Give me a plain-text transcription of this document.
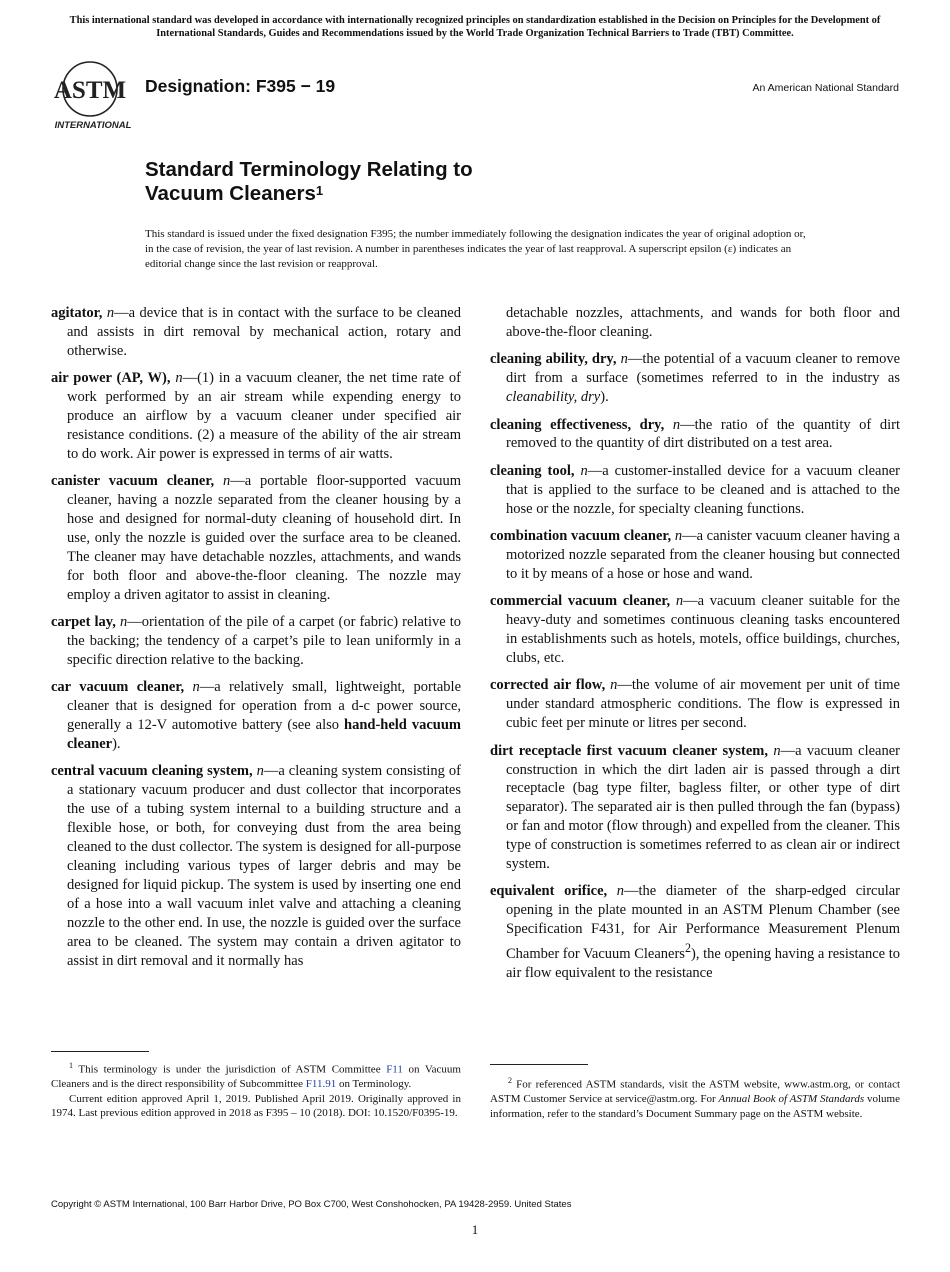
This international standard was developed in accordance with internationally recognized principles on standardization established in the Decision on Principles for the Development of International Standards, Guides and Recommendations issued by the World Trade Organization Technical Barriers to Trade (TBT) Committee.
ASTM
INTERNATIONAL
Designation: F395 − 19	An American National Standard
Standard Terminology Relating to
Vacuum Cleaners$^1$
This standard is issued under the fixed designation F395; the number immediately following the designation indicates the year of original adoption or, in the case of revision, the year of last revision. A number in parentheses indicates the year of last reapproval. A superscript epsilon (ε) indicates an editorial change since the last revision or reapproval.

agitator, n—a device that is in contact with the surface to be cleaned and assists in dirt removal by mechanical action, rotary and otherwise.

air power (AP, W), n—(1) in a vacuum cleaner, the net time rate of work performed by an air stream while expending energy to produce an airflow by a vacuum cleaner under specified air resistance conditions. (2) a measure of the ability of the air stream to do work. Air power is expressed in terms of air watts.

canister vacuum cleaner, n—a portable floor-supported vacuum cleaner, having a nozzle separated from the cleaner housing by a hose and designed for normal-duty cleaning of household dirt. In use, only the nozzle is guided over the surface area to be cleaned. The cleaner may have detachable nozzles, attachments, and wands for both floor and above-the-floor cleaning. The nozzle may employ a driven agitator to assist in cleaning.

carpet lay, n—orientation of the pile of a carpet (or fabric) relative to the backing; the tendency of a carpet’s pile to lean uniformly in a specific direction relative to the backing.

car vacuum cleaner, n—a relatively small, lightweight, portable cleaner that is designed for operation from a d-c power source, generally a 12-V automotive battery (see also hand-held vacuum cleaner).

central vacuum cleaning system, n—a cleaning system consisting of a stationary vacuum producer and dust collector that incorporates the use of a tubing system internal to a building structure and a flexible hose, or both, for conveying dust from the area being cleaned to the dust collector. The system is designed for all-purpose cleaning including various types of larger debris and may be designed for liquid pickup. The system is used by inserting one end of a hose into a wall vacuum inlet valve and attaching a cleaning nozzle to the other end. In use, the nozzle is guided over the surface area to be cleaned. The system may contain a driven agitator to assist in dirt removal and it normally has

detachable nozzles, attachments, and wands for both floor and above-the-floor cleaning.

cleaning ability, dry, n—the potential of a vacuum cleaner to remove dirt from a surface (sometimes referred to in the industry as cleanability, dry).

cleaning effectiveness, dry, n—the ratio of the quantity of dirt removed to the quantity of dirt distributed on a test area.

cleaning tool, n—a customer-installed device for a vacuum cleaner that is applied to the surface to be cleaned and is attached to the hose or the nozzle, for specialty cleaning functions.

combination vacuum cleaner, n—a canister vacuum cleaner having a motorized nozzle separated from the cleaner housing but connected to it by means of a hose or hose and wand.

commercial vacuum cleaner, n—a vacuum cleaner suitable for the heavy-duty and sometimes continuous cleaning tasks encountered in establishments such as hotels, motels, office buildings, churches, clubs, etc.

corrected air flow, n—the volume of air movement per unit of time under standard atmospheric conditions. The flow is expressed in cubic feet per minute or litres per second.

dirt receptacle first vacuum cleaner system, n—a vacuum cleaner construction in which the dirt laden air is passed through a dirt receptacle (bag type filter, bagless filter, or other type of dirt separator). The separated air is then pulled through the fan (bypass) or fan and motor (flow through) and expelled from the cleaner. This type of construction is sometimes referred to as clean air or indirect system.

equivalent orifice, n—the diameter of the sharp-edged circular opening in the plate mounted in an ASTM Plenum Chamber (see Specification F431, for Air Performance Measurement Plenum Chamber for Vacuum Cleaners$^2$), the opening having a resistance to air flow equivalent to the resistance

$^1$ This terminology is under the jurisdiction of ASTM Committee F11 on Vacuum Cleaners and is the direct responsibility of Subcommittee F11.91 on Terminology.
Current edition approved April 1, 2019. Published April 2019. Originally approved in 1974. Last previous edition approved in 2018 as F395 – 10 (2018). DOI: 10.1520/F0395-19.
$^2$ For referenced ASTM standards, visit the ASTM website, www.astm.org, or contact ASTM Customer Service at service@astm.org. For Annual Book of ASTM Standards volume information, refer to the standard’s Document Summary page on the ASTM website.
Copyright © ASTM International, 100 Barr Harbor Drive, PO Box C700, West Conshohocken, PA 19428-2959. United States
1
